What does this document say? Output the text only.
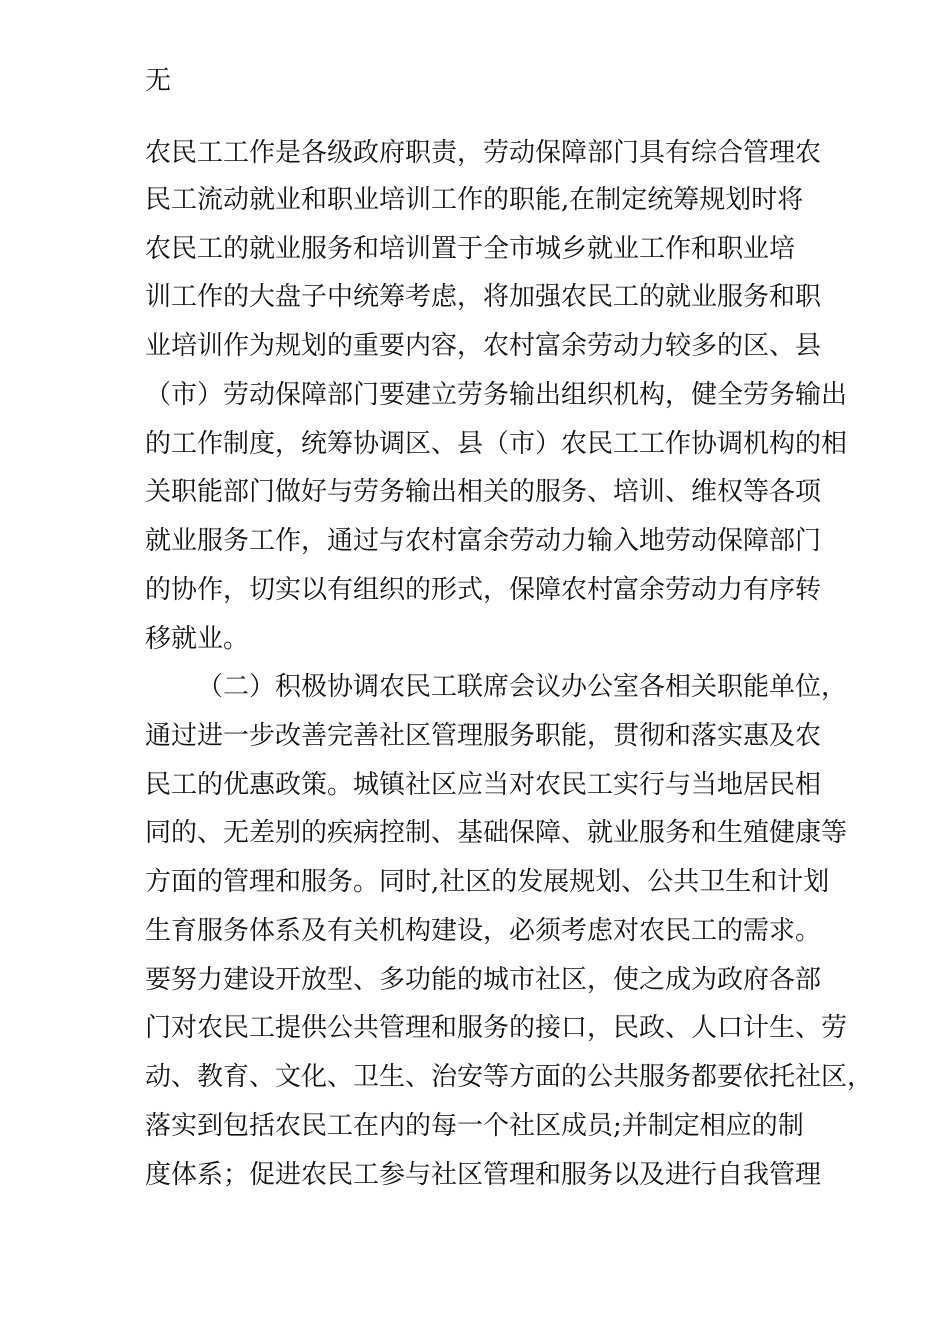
无

农民工工作是各级政府职责，劳动保障部门具有综合管理农

民工流动就业和职业培训工作的职能,在制定统筹规划时将

农民工的就业服务和培训置于全市城乡就业工作和职业培

训工作的大盘子中统筹考虑，将加强农民工的就业服务和职

业培训作为规划的重要内容，农村富余劳动力较多的区、县

（市）劳动保障部门要建立劳务输出组织机构，健全劳务输出

的工作制度，统筹协调区、县（市）农民工工作协调机构的相

关职能部门做好与劳务输出相关的服务、培训、维权等各项

就业服务工作，通过与农村富余劳动力输入地劳动保障部门

的协作，切实以有组织的形式，保障农村富余劳动力有序转

移就业。

（二）积极协调农民工联席会议办公室各相关职能单位，

通过进一步改善完善社区管理服务职能，贯彻和落实惠及农

民工的优惠政策。城镇社区应当对农民工实行与当地居民相

同的、无差别的疾病控制、基础保障、就业服务和生殖健康等

方面的管理和服务。同时,社区的发展规划、公共卫生和计划

生育服务体系及有关机构建设，必须考虑对农民工的需求。

要努力建设开放型、多功能的城市社区，使之成为政府各部

门对农民工提供公共管理和服务的接口，民政、人口计生、劳

动、教育、文化、卫生、治安等方面的公共服务都要依托社区，

落实到包括农民工在内的每一个社区成员;并制定相应的制

度体系；促进农民工参与社区管理和服务以及进行自我管理
